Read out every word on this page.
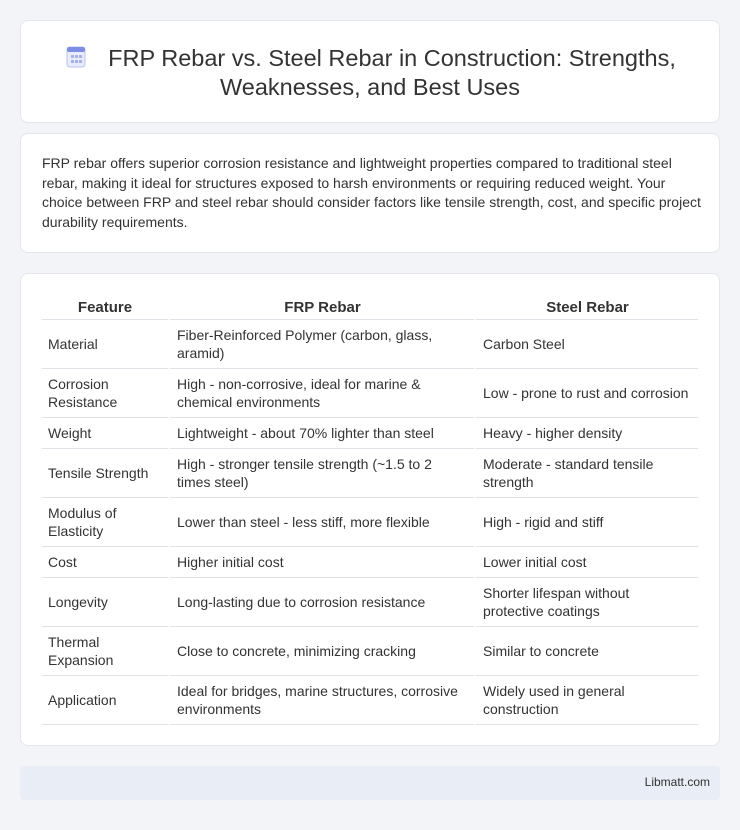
FRP Rebar vs. Steel Rebar in Construction: Strengths, Weaknesses, and Best Uses

FRP rebar offers superior corrosion resistance and lightweight properties compared to traditional steel rebar, making it ideal for structures exposed to harsh environments or requiring reduced weight. Your choice between FRP and steel rebar should consider factors like tensile strength, cost, and specific project durability requirements.

Feature	FRP Rebar	Steel Rebar
Material	Fiber-Reinforced Polymer (carbon, glass, aramid)	Carbon Steel
Corrosion Resistance	High - non-corrosive, ideal for marine & chemical environments	Low - prone to rust and corrosion
Weight	Lightweight - about 70% lighter than steel	Heavy - higher density
Tensile Strength	High - stronger tensile strength (~1.5 to 2 times steel)	Moderate - standard tensile strength
Modulus of Elasticity	Lower than steel - less stiff, more flexible	High - rigid and stiff
Cost	Higher initial cost	Lower initial cost
Longevity	Long-lasting due to corrosion resistance	Shorter lifespan without protective coatings
Thermal Expansion	Close to concrete, minimizing cracking	Similar to concrete
Application	Ideal for bridges, marine structures, corrosive environments	Widely used in general construction
Libmatt.com
